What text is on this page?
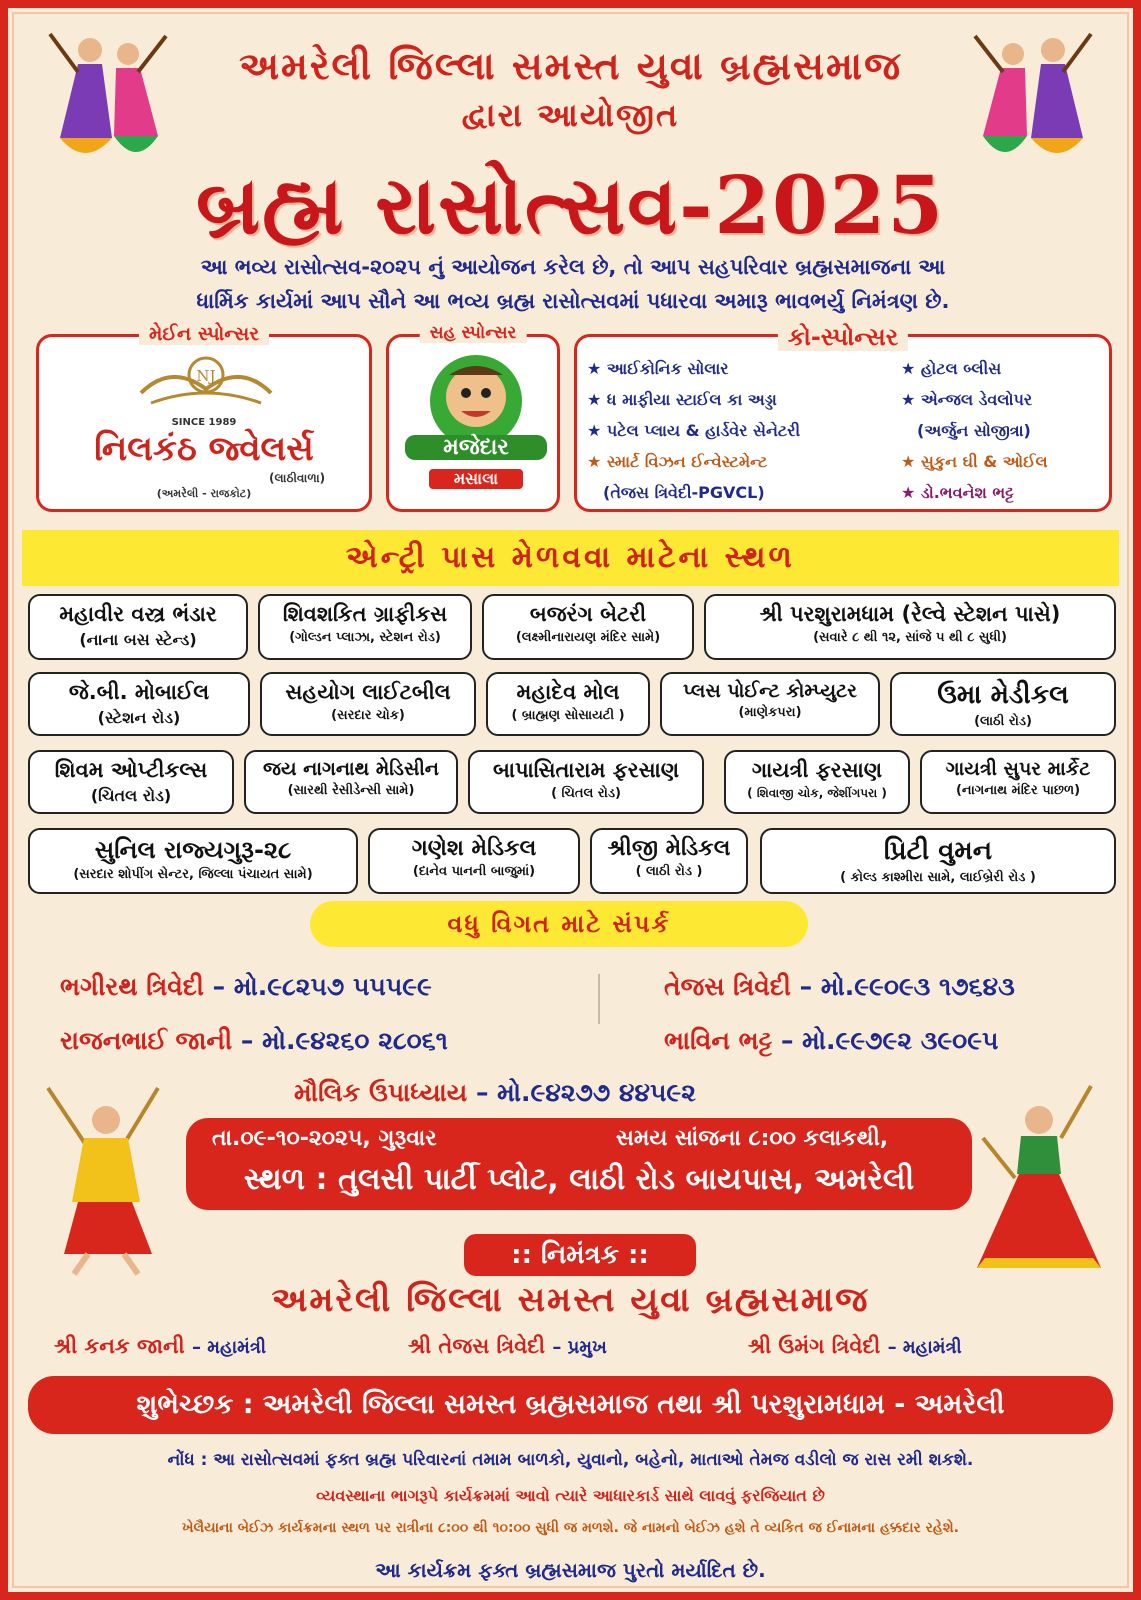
અમરેલી જિલ્લા સમસ્ત યુવા બ્રહ્મસમાજ
દ્વારા આયોજીત
બ્રહ્મ રાસોત્સવ-2025
આ ભવ્ય રાસોત્સવ-૨૦૨૫ નું આયોજન કરેલ છે, તો આપ સહપરિવાર બ્રહ્મસમાજના આ
ધાર્મિક કાર્યમાં આપ સૌને આ ભવ્ય બ્રહ્મ રાસોત્સવમાં પધારવા અમારૂ ભાવભર્યુ નિમંત્રણ છે.
મેઈન સ્પોન્સર
NJ
SINCE 1989
નિલકંઠ જ્વેલર્સ
(લાઠીવાળા)
(અમરેલી - રાજકોટ)
સહ સ્પોન્સર
મજેદાર
મસાલા
કો-સ્પોન્સર
★ આઈકોનિક સોલાર
★ ધ માફીયા સ્ટાઈલ કા અડ્ડા
★ પટેલ પ્લાય & હાર્ડવેર સેનેટરી
★ સ્માર્ટ વિઝન ઈન્વેસ્ટમેન્ટ
(તેજસ ત્રિવેદી-PGVCL)
★ હોટલ બ્લીસ
★ એન્જલ ડેવલોપર
(અર્જુન સોજીત્રા)
★ સુકુન ઘી & ઓઈલ
★ ડો.ભવનેશ ભટ્ટ
એન્ટ્રી પાસ મેળવવા માટેના સ્થળ
મહાવીર વસ્ત્ર ભંડાર
(નાના બસ સ્ટેન્ડ)
શિવશકિત ગ્રાફીકસ
(ગોલ્ડન પ્લાઝા, સ્ટેશન રોડ)
બજરંગ બેટરી
(લક્ષ્મીનારાયણ મંદિર સામે)
શ્રી પરશુરામધામ (રેલ્વે સ્ટેશન પાસે)
(સવારે ૮ થી ૧૨, સાંજે ૫ થી ૮ સુધી)
જે.બી. મોબાઈલ
(સ્ટેશન રોડ)
સહયોગ લાઈટબીલ
(સરદાર ચોક)
મહાદેવ મોલ
( બ્રાહ્મણ સોસાયટી )
પ્લસ પોઈન્ટ કોમ્પ્યુટર
(માણેકપરા)
ઉમા મેડીકલ
(લાઠી રોડ)
શિવમ ઓપ્ટીકલ્સ
(ચિતલ રોડ)
જય નાગનાથ મેડિસીન
(સારથી રેસીડેન્સી સામે)
બાપાસિતારામ ફરસાણ
( ચિતલ રોડ)
ગાયત્રી ફરસાણ
( શિવાજી ચોક, જેશીંગપરા )
ગાયત્રી સુપર માર્કેટ
(નાગનાથ મંદિર પાછળ)
સુનિલ રાજ્યગુરૂ-૨૮
(સરદાર શોપીંગ સેન્ટર, જિલ્લા પંચાયત સામે)
ગણેશ મેડિકલ
(દાનેવ પાનની બાજુમાં)
શ્રીજી મેડિકલ
( લાઠી રોડ )
પ્રિટી વુમન
( કોલ્ડ કાશ્મીરા સામે, લાઈબ્રેરી રોડ )
વધુ વિગત માટે સંપર્ક
ભગીરથ ત્રિવેદી – મો.૯૮૨૫૭ ૫૫૫૯૯	તેજસ ત્રિવેદી – મો.૯૯૦૯૩ ૧૭૬૪૩
રાજનભાઈ જાની – મો.૯૪૨૬૦ ૨૮૦૬૧	ભાવિન ભટ્ટ – મો.૯૯૭૯૨ ૩૯૦૯૫
મૌલિક ઉપાધ્યાય – મો.૯૪૨૭૭ ૪૪૫૯૨
તા.૦૯-૧૦-૨૦૨૫, ગુરૂવાર	સમય સાંજના ૮:૦૦ કલાકથી,
સ્થળ : તુલસી પાર્ટી પ્લોટ, લાઠી રોડ બાયપાસ, અમરેલી
:: નિમંત્રક ::
અમરેલી જિલ્લા સમસ્ત યુવા બ્રહ્મસમાજ
શ્રી કનક જાની – મહામંત્રી	શ્રી તેજસ ત્રિવેદી – પ્રમુખ	શ્રી ઉમંગ ત્રિવેદી – મહામંત્રી
શુભેચ્છક : અમરેલી જિલ્લા સમસ્ત બ્રહ્મસમાજ તથા શ્રી પરશુરામધામ - અમરેલી
નોંધ : આ રાસોત્સવમાં ફક્ત બ્રહ્મ પરિવારનાં તમામ બાળકો, યુવાનો, બહેનો, માતાઓ તેમજ વડીલો જ રાસ રમી શકશે.
વ્યવસ્થાના ભાગરૂપે કાર્યક્રમમાં આવો ત્યારે આધારકાર્ડ સાથે લાવવું ફરજિયાત છે
ખેલૈયાના બેઈઝ કાર્યક્રમના સ્થળ પર રાત્રીના ૮:૦૦ થી ૧૦:૦૦ સુધી જ મળશે. જે નામનો બેઈઝ હશે તે વ્યકિત જ ઈનામના હક્કદાર રહેશે.
આ કાર્યક્રમ ફક્ત બ્રહ્મસમાજ પુરતો મર્યાદિત છે.
